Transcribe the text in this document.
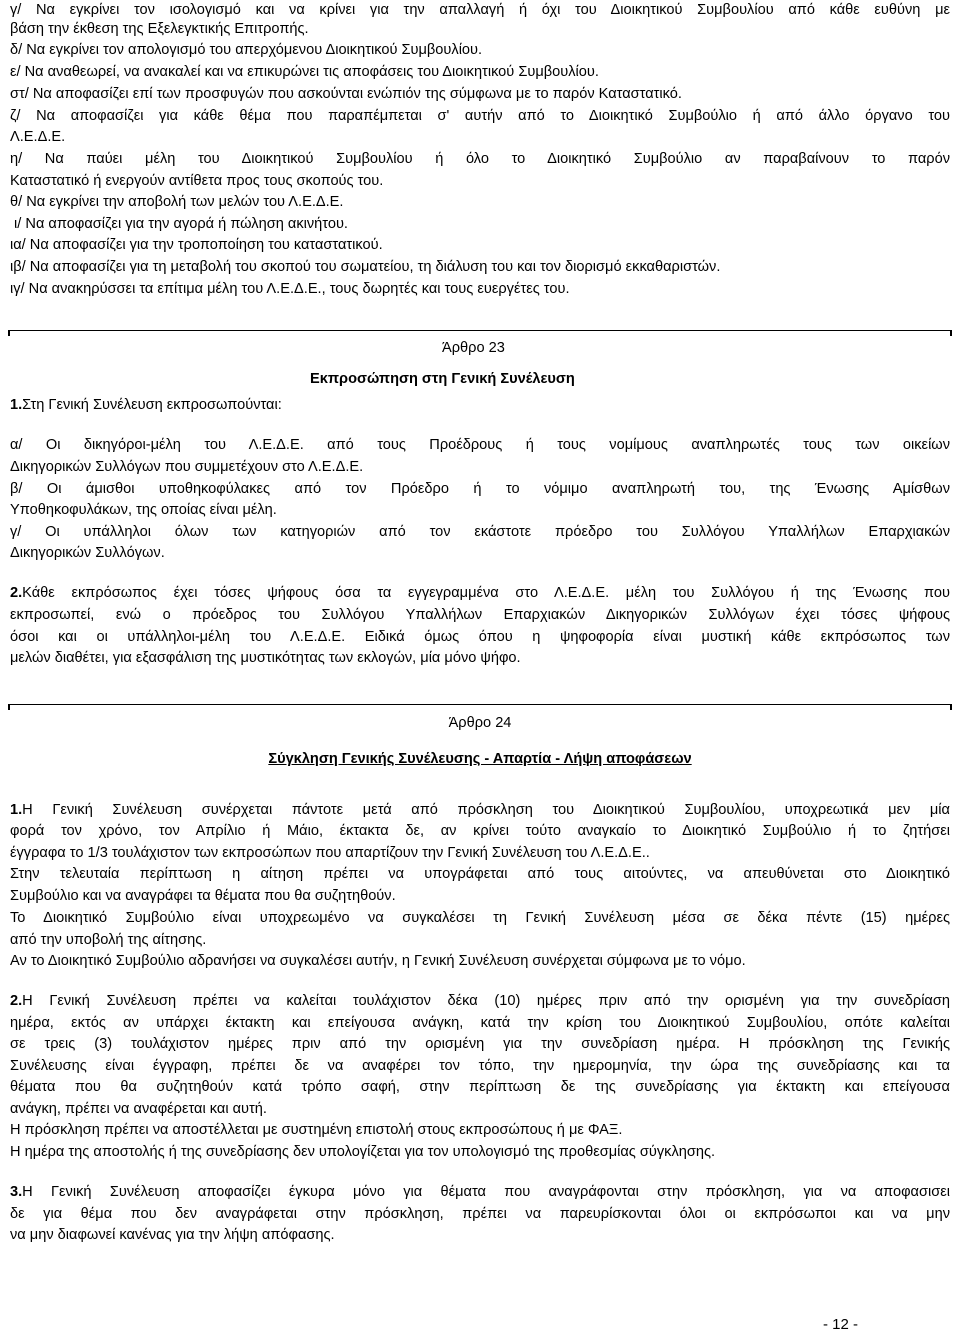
γ/ Να εγκρίνει τον ισολογισμό και να κρίνει για την απαλλαγή ή όχι του Διοικητικού Συμβουλίου από κάθε ευθύνη με
βάση την έκθεση της Εξελεγκτικής Επιτροπής.
δ/ Να εγκρίνει τον απολογισμό του απερχόμενου Διοικητικού Συμβουλίου.
ε/ Να αναθεωρεί, να ανακαλεί και να επικυρώνει τις αποφάσεις του Διοικητικού Συμβουλίου.
στ/ Να αποφασίζει επί των προσφυγών που ασκούνται ενώπιόν της σύμφωνα με το παρόν Καταστατικό.
ζ/ Να αποφασίζει για κάθε θέμα που παραπέμπεται σ' αυτήν από το Διοικητικό Συμβούλιο ή από άλλο όργανο του
Λ.Ε.Δ.Ε.
η/ Να παύει μέλη του Διοικητικού Συμβουλίου ή όλο το Διοικητικό Συμβούλιο αν παραβαίνουν το παρόν
Καταστατικό ή ενεργούν αντίθετα προς τους σκοπούς του.
θ/ Να εγκρίνει την αποβολή των μελών του Λ.Ε.Δ.Ε.
ι/ Να αποφασίζει για την αγορά ή πώληση ακινήτου.
ια/ Να αποφασίζει για την τροποποίηση του καταστατικού.
ιβ/ Να αποφασίζει για τη μεταβολή του σκοπού του σωματείου, τη διάλυση του και τον διορισμό εκκαθαριστών.
ιγ/ Να ανακηρύσσει τα επίτιμα μέλη του Λ.Ε.Δ.Ε., τους δωρητές και τους ευεργέτες του.
Άρθρο 23
Εκπροσώπηση στη Γενική Συνέλευση
1.Στη Γενική Συνέλευση εκπροσωπούνται:
α/ Οι δικηγόροι-μέλη του Λ.Ε.Δ.Ε. από τους Προέδρους ή τους νομίμους αναπληρωτές τους των οικείων
Δικηγορικών Συλλόγων που συμμετέχουν στο Λ.Ε.Δ.Ε.
β/ Οι άμισθοι υποθηκοφύλακες από τον Πρόεδρο ή το νόμιμο αναπληρωτή του, της Ένωσης Αμίσθων
Υποθηκοφυλάκων, της οποίας είναι μέλη.
γ/ Οι υπάλληλοι όλων των κατηγοριών από τον εκάστοτε πρόεδρο του Συλλόγου Υπαλλήλων Επαρχιακών
Δικηγορικών Συλλόγων.
2.Κάθε εκπρόσωπος έχει τόσες ψήφους όσα τα εγγεγραμμένα στο Λ.Ε.Δ.Ε. μέλη του Συλλόγου ή της Ένωσης που
εκπροσωπεί, ενώ ο πρόεδρος του Συλλόγου Υπαλλήλων Επαρχιακών Δικηγορικών Συλλόγων έχει τόσες ψήφους
όσοι και οι υπάλληλοι-μέλη του Λ.Ε.Δ.Ε. Ειδικά όμως όπου η ψηφοφορία είναι μυστική κάθε εκπρόσωπος των
μελών διαθέτει, για εξασφάλιση της μυστικότητας των εκλογών, μία μόνο ψήφο.
Άρθρο 24
Σύγκληση Γενικής Συνέλευσης - Απαρτία - Λήψη αποφάσεων
1.Η Γενική Συνέλευση συνέρχεται πάντοτε μετά από πρόσκληση του Διοικητικού Συμβουλίου, υποχρεωτικά μεν μία
φορά τον χρόνο, τον Απρίλιο ή Μάιο, έκτακτα δε, αν κρίνει τούτο αναγκαίο το Διοικητικό Συμβούλιο ή το ζητήσει
έγγραφα το 1/3 τουλάχιστον των εκπροσώπων που απαρτίζουν την Γενική Συνέλευση του Λ.Ε.Δ.Ε..
Στην τελευταία περίπτωση η αίτηση πρέπει να υπογράφεται από τους αιτούντες, να απευθύνεται στο Διοικητικό
Συμβούλιο και να αναγράφει τα θέματα που θα συζητηθούν.
Το Διοικητικό Συμβούλιο είναι υποχρεωμένο να συγκαλέσει τη Γενική Συνέλευση μέσα σε δέκα πέντε (15) ημέρες
από την υποβολή της αίτησης.
Αν το Διοικητικό Συμβούλιο αδρανήσει να συγκαλέσει αυτήν, η Γενική Συνέλευση συνέρχεται σύμφωνα με το νόμο.
2.Η Γενική Συνέλευση πρέπει να καλείται τουλάχιστον δέκα (10) ημέρες πριν από την ορισμένη για την συνεδρίαση
ημέρα, εκτός αν υπάρχει έκτακτη και επείγουσα ανάγκη, κατά την κρίση του Διοικητικού Συμβουλίου, οπότε καλείται
σε τρεις (3) τουλάχιστον ημέρες πριν από την ορισμένη για την συνεδρίαση ημέρα. Η πρόσκληση της Γενικής
Συνέλευσης είναι έγγραφη, πρέπει δε να αναφέρει τον τόπο, την ημερομηνία, την ώρα της συνεδρίασης και τα
θέματα που θα συζητηθούν κατά τρόπο σαφή, στην περίπτωση δε της συνεδρίασης για έκτακτη και επείγουσα
ανάγκη, πρέπει να αναφέρεται και αυτή.
Η πρόσκληση πρέπει να αποστέλλεται με συστημένη επιστολή στους εκπροσώπους ή με ΦΑΞ.
Η ημέρα της αποστολής ή της συνεδρίασης δεν υπολογίζεται για τον υπολογισμό της προθεσμίας σύγκλησης.
3.Η Γενική Συνέλευση αποφασίζει έγκυρα μόνο για θέματα που αναγράφονται στην πρόσκληση, για να αποφασισει
δε για θέμα που δεν αναγράφεται στην πρόσκληση, πρέπει να παρευρίσκονται όλοι οι εκπρόσωποι και να μην
να μην διαφωνεί κανένας για την λήψη απόφασης.
- 12 -
